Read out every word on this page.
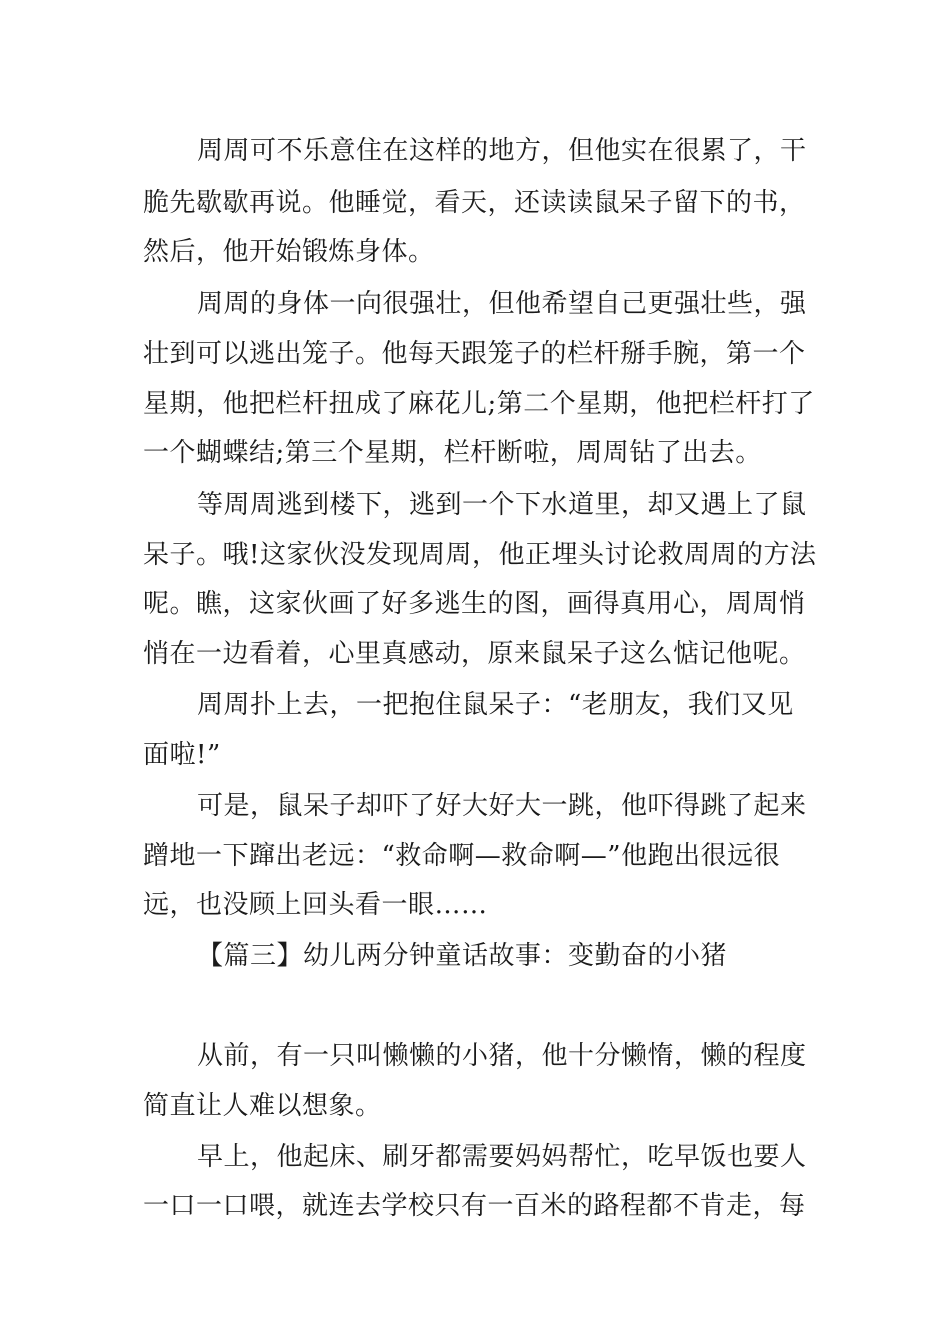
周周可不乐意住在这样的地方，但他实在很累了，干

脆先歇歇再说。他睡觉，看天，还读读鼠呆子留下的书，

然后，他开始锻炼身体。

周周的身体一向很强壮，但他希望自己更强壮些，强

壮到可以逃出笼子。他每天跟笼子的栏杆掰手腕，第一个

星期，他把栏杆扭成了麻花儿;第二个星期，他把栏杆打了

一个蝴蝶结;第三个星期，栏杆断啦，周周钻了出去。

等周周逃到楼下，逃到一个下水道里，却又遇上了鼠

呆子。哦!这家伙没发现周周，他正埋头讨论救周周的方法

呢。瞧，这家伙画了好多逃生的图，画得真用心，周周悄

悄在一边看着，心里真感动，原来鼠呆子这么惦记他呢。

周周扑上去，一把抱住鼠呆子：“老朋友，我们又见

面啦!”

可是，鼠呆子却吓了好大好大一跳，他吓得跳了起来

蹭地一下蹿出老远：“救命啊—救命啊—”他跑出很远很

远，也没顾上回头看一眼……

【篇三】幼儿两分钟童话故事：变勤奋的小猪

从前，有一只叫懒懒的小猪，他十分懒惰，懒的程度

简直让人难以想象。

早上，他起床、刷牙都需要妈妈帮忙，吃早饭也要人

一口一口喂，就连去学校只有一百米的路程都不肯走，每
